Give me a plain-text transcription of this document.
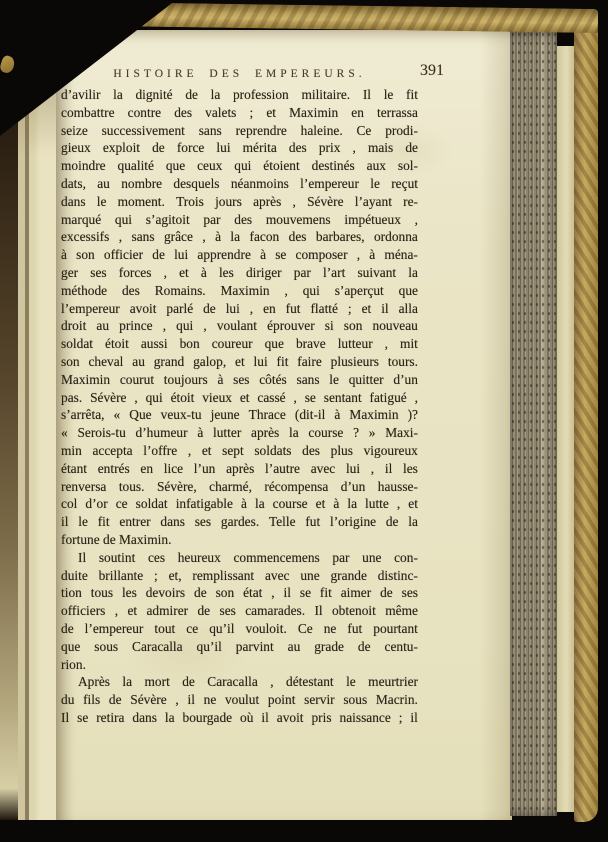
HISTOIRE DES EMPEREURS.	391
d’avilir la dignité de la profession militaire. Il le fit
combattre contre des valets ; et Maximin en terrassa
seize successivement sans reprendre haleine. Ce prodi-
gieux exploit de force lui mérita des prix , mais de
moindre qualité que ceux qui étoient destinés aux sol-
dats, au nombre desquels néanmoins l’empereur le reçut
dans le moment. Trois jours après , Sévère l’ayant re-
marqué qui s’agitoit par des mouvemens impétueux ,
excessifs , sans grâce , à la facon des barbares, ordonna
à son officier de lui apprendre à se composer , à ména-
ger ses forces , et à les diriger par l’art suivant la
méthode des Romains. Maximin , qui s’aperçut que
l’empereur avoit parlé de lui , en fut flatté ; et il alla
droit au prince , qui , voulant éprouver si son nouveau
soldat étoit aussi bon coureur que brave lutteur , mit
son cheval au grand galop, et lui fit faire plusieurs tours.
Maximin courut toujours à ses côtés sans le quitter d’un
pas. Sévère , qui étoit vieux et cassé , se sentant fatigué ,
s’arrêta, « Que veux-tu jeune Thrace (dit-il à Maximin )?
« Serois-tu d’humeur à lutter après la course ? » Maxi-
min accepta l’offre , et sept soldats des plus vigoureux
étant entrés en lice l’un après l’autre avec lui , il les
renversa tous. Sévère, charmé, récompensa d’un hausse-
col d’or ce soldat infatigable à la course et à la lutte , et
il le fit entrer dans ses gardes. Telle fut l’origine de la
fortune de Maximin.
Il soutint ces heureux commencemens par une con-
duite brillante ; et, remplissant avec une grande distinc-
tion tous les devoirs de son état , il se fit aimer de ses
officiers , et admirer de ses camarades. Il obtenoit même
de l’empereur tout ce qu’il vouloit. Ce ne fut pourtant
que sous Caracalla qu’il parvint au grade de centu-
rion.
Après la mort de Caracalla , détestant le meurtrier
du fils de Sévère , il ne voulut point servir sous Macrin.
Il se retira dans la bourgade où il avoit pris naissance ; il
